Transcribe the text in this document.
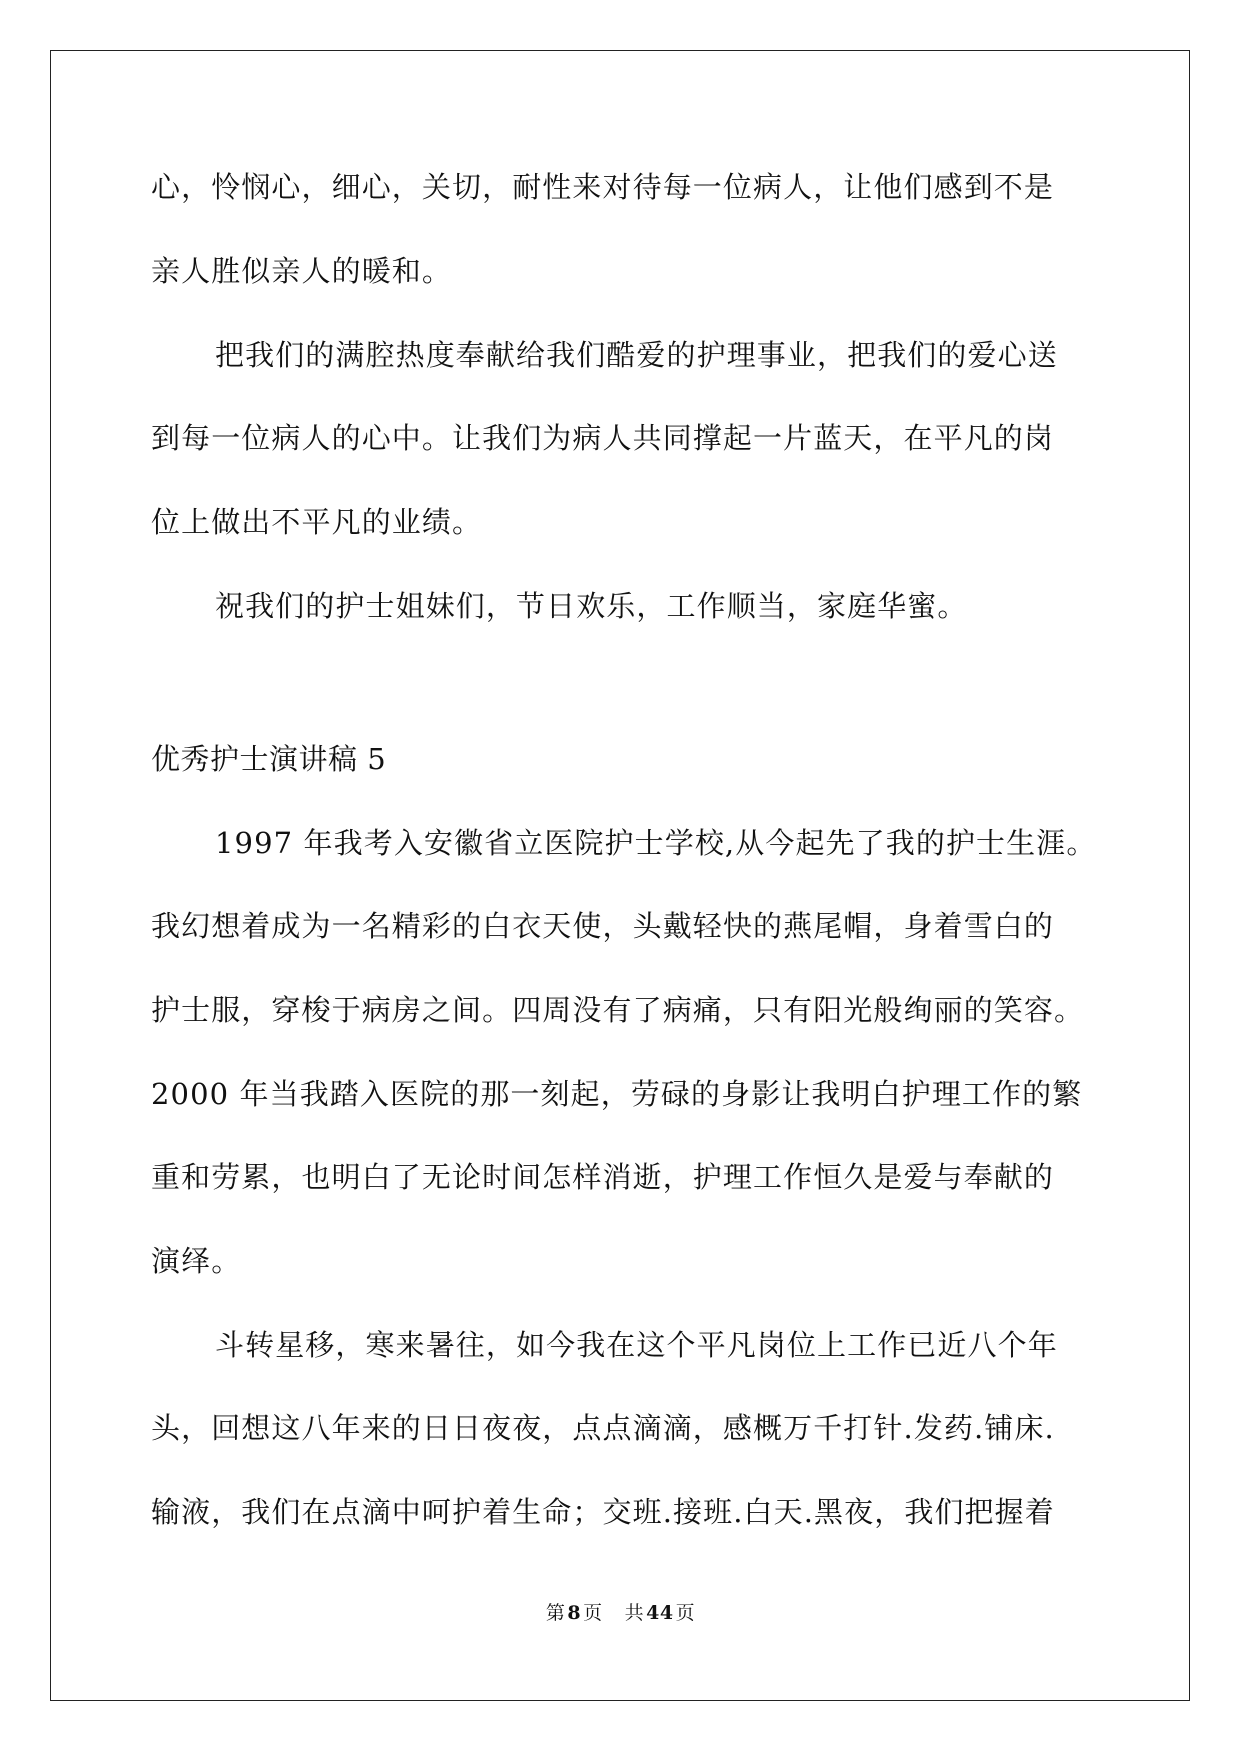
心，怜悯心，细心，关切，耐性来对待每一位病人，让他们感到不是
亲人胜似亲人的暖和。
把我们的满腔热度奉献给我们酷爱的护理事业，把我们的爱心送
到每一位病人的心中。让我们为病人共同撑起一片蓝天，在平凡的岗
位上做出不平凡的业绩。
祝我们的护士姐妹们，节日欢乐，工作顺当，家庭华蜜。
优秀护士演讲稿 5
1997 年我考入安徽省立医院护士学校,从今起先了我的护士生涯。
我幻想着成为一名精彩的白衣天使，头戴轻快的燕尾帽，身着雪白的
护士服，穿梭于病房之间。四周没有了病痛，只有阳光般绚丽的笑容。
2000 年当我踏入医院的那一刻起，劳碌的身影让我明白护理工作的繁
重和劳累，也明白了无论时间怎样消逝，护理工作恒久是爱与奉献的
演绎。
斗转星移，寒来暑往，如今我在这个平凡岗位上工作已近八个年
头，回想这八年来的日日夜夜，点点滴滴，感概万千打针.发药.铺床.
输液，我们在点滴中呵护着生命；交班.接班.白天.黑夜，我们把握着
第 8 页 共 44 页
